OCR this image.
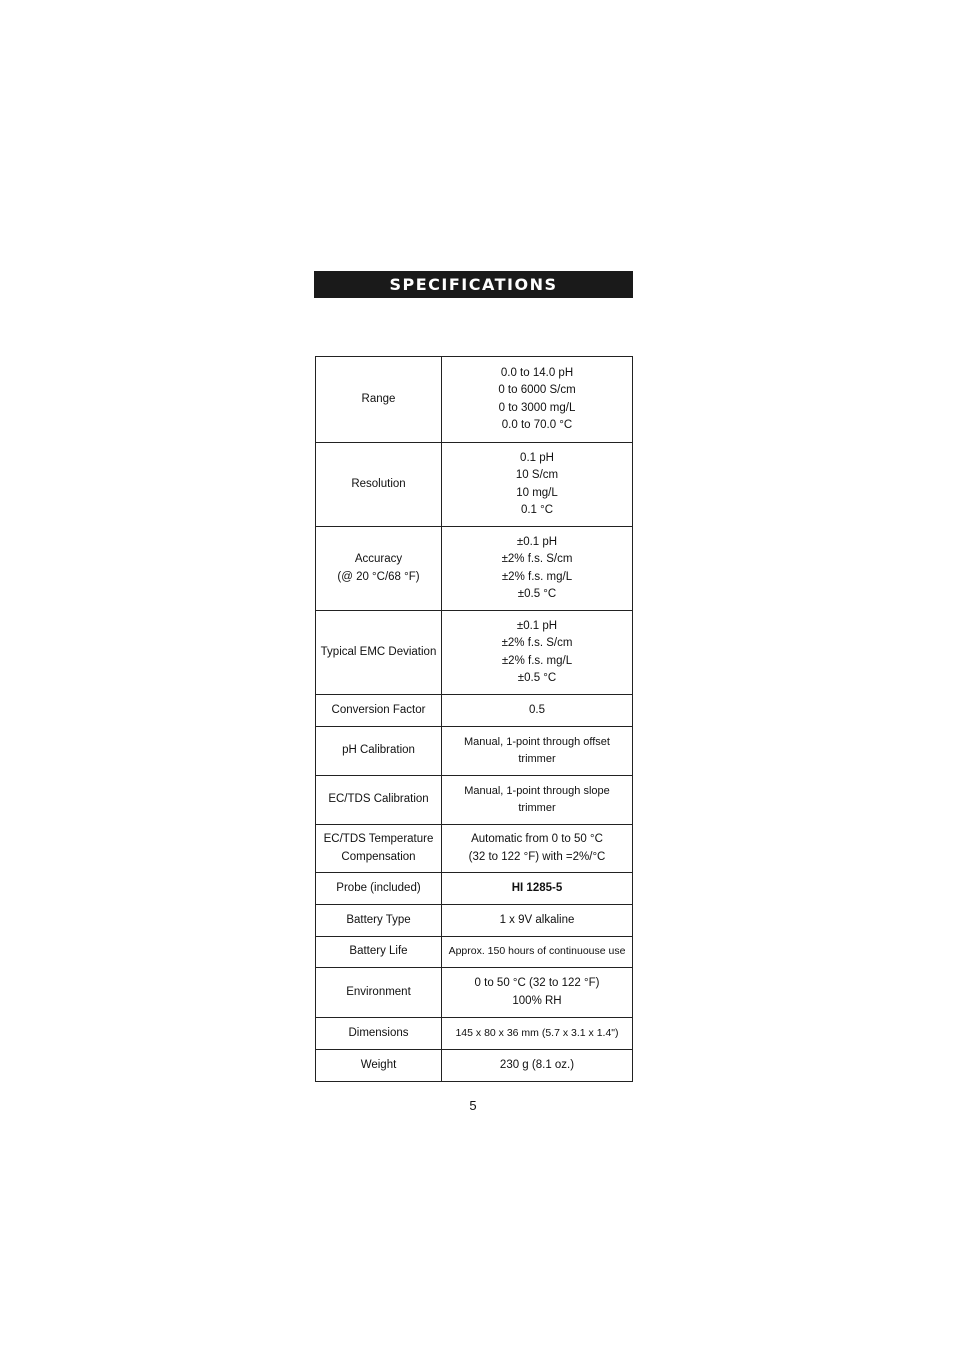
SPECIFICATIONS
Range	0.0 to 14.0 pH
0 to 6000 S/cm
0 to 3000 mg/L
0.0 to 70.0 °C

Resolution	0.1 pH
10 S/cm
10 mg/L
0.1 °C

Accuracy
(@ 20 °C/68 °F)	±0.1 pH
±2% f.s. S/cm
±2% f.s. mg/L
±0.5 °C

Typical EMC Deviation	±0.1 pH
±2% f.s. S/cm
±2% f.s. mg/L
±0.5 °C

Conversion Factor	0.5
pH Calibration	Manual, 1-point through offset trimmer

EC/TDS Calibration	Manual, 1-point through slope trimmer

EC/TDS Temperature Compensation	Automatic from 0 to 50 °C
(32 to 122 °F) with =2%/°C

Probe (included)	HI 1285-5
Battery Type	1 x 9V alkaline
Battery Life	Approx. 150 hours of continuouse use
Environment	0 to 50 °C (32 to 122 °F)
100% RH

Dimensions	145 x 80 x 36 mm (5.7 x 3.1 x 1.4")
Weight	230 g (8.1 oz.)
5
